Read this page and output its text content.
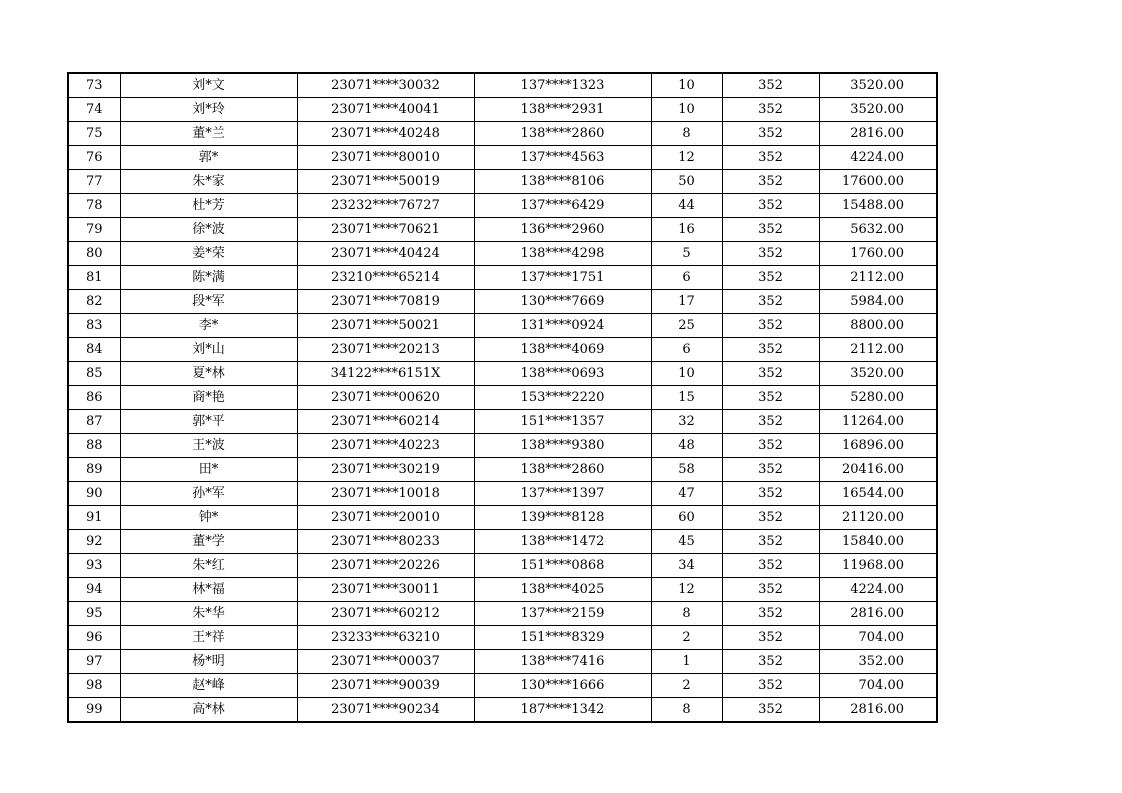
73	刘*文	23071****30032	137****1323	10	352	3520.00
74	刘*玲	23071****40041	138****2931	10	352	3520.00
75	董*兰	23071****40248	138****2860	8	352	2816.00
76	郭*	23071****80010	137****4563	12	352	4224.00
77	朱*家	23071****50019	138****8106	50	352	17600.00
78	杜*芳	23232****76727	137****6429	44	352	15488.00
79	徐*波	23071****70621	136****2960	16	352	5632.00
80	姜*荣	23071****40424	138****4298	5	352	1760.00
81	陈*满	23210****65214	137****1751	6	352	2112.00
82	段*军	23071****70819	130****7669	17	352	5984.00
83	李*	23071****50021	131****0924	25	352	8800.00
84	刘*山	23071****20213	138****4069	6	352	2112.00
85	夏*林	34122****6151X	138****0693	10	352	3520.00
86	商*艳	23071****00620	153****2220	15	352	5280.00
87	郭*平	23071****60214	151****1357	32	352	11264.00
88	王*波	23071****40223	138****9380	48	352	16896.00
89	田*	23071****30219	138****2860	58	352	20416.00
90	孙*军	23071****10018	137****1397	47	352	16544.00
91	钟*	23071****20010	139****8128	60	352	21120.00
92	董*学	23071****80233	138****1472	45	352	15840.00
93	朱*红	23071****20226	151****0868	34	352	11968.00
94	林*福	23071****30011	138****4025	12	352	4224.00
95	朱*华	23071****60212	137****2159	8	352	2816.00
96	王*祥	23233****63210	151****8329	2	352	704.00
97	杨*明	23071****00037	138****7416	1	352	352.00
98	赵*峰	23071****90039	130****1666	2	352	704.00
99	高*林	23071****90234	187****1342	8	352	2816.00
